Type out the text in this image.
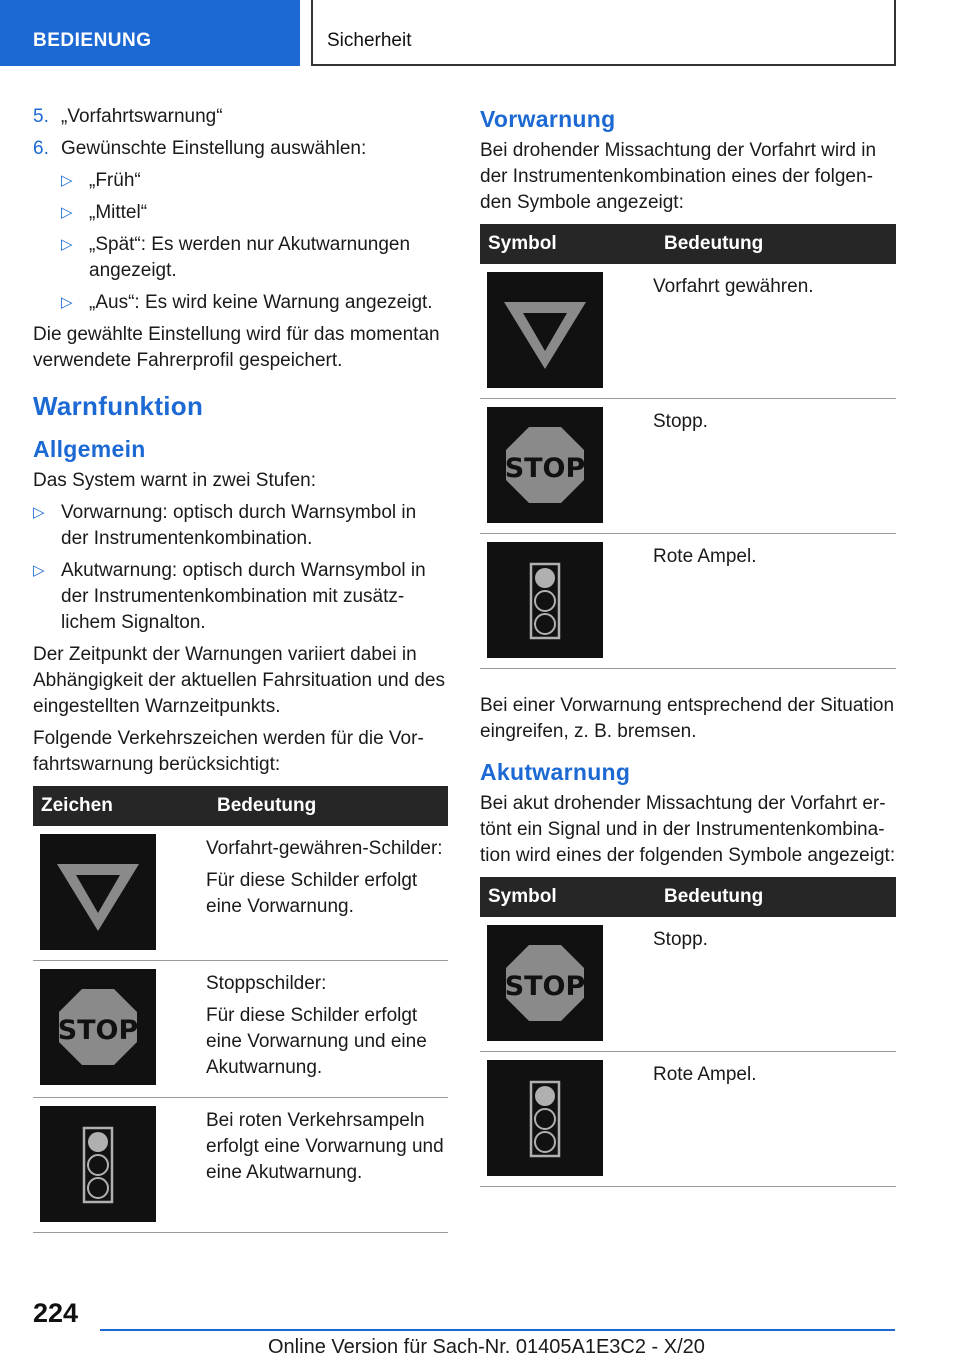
BEDIENUNG	Sicherheit
5. „Vorfahrtswarnung“
6. Gewünschte Einstellung auswählen:
▷ „Früh“
▷ „Mittel“
▷ „Spät“: Es werden nur Akutwarnungen angezeigt.
▷ „Aus“: Es wird keine Warnung angezeigt.

Die gewählte Einstellung wird für das momentan verwendete Fahrerprofil gespeichert.

Warnfunktion
Allgemein

Das System warnt in zwei Stufen:

▷ Vorwarnung: optisch durch Warnsymbol in der Instrumentenkombination.
▷ Akutwarnung: optisch durch Warnsymbol in der Instrumentenkombination mit zusätzlichem Signalton.

Der Zeitpunkt der Warnungen variiert dabei in Abhängigkeit der aktuellen Fahrsituation und des eingestellten Warnzeitpunkts.

Folgende Verkehrszeichen werden für die Vorfahrtswarnung berücksichtigt:

Zeichen	Bedeutung

Vorfahrt-gewähren-Schilder:

Für diese Schilder erfolgt eine Vorwarnung.

STOP	Stoppschilder:

Für diese Schilder erfolgt eine Vorwarnung und eine Akutwarnung.

Bei roten Verkehrsampeln erfolgt eine Vorwarnung und eine Akutwarnung.

Vorwarnung

Bei drohender Missachtung der Vorfahrt wird in der Instrumentenkombination eines der folgenden Symbole angezeigt:

Symbol	Bedeutung

Vorfahrt gewähren.

STOP	Stopp.

Rote Ampel.

Bei einer Vorwarnung entsprechend der Situation eingreifen, z. B. bremsen.

Akutwarnung

Bei akut drohender Missachtung der Vorfahrt ertönt ein Signal und in der Instrumentenkombination wird eines der folgenden Symbole angezeigt:

Symbol	Bedeutung

STOP	Stopp.

Rote Ampel.

224
Online Version für Sach-Nr. 01405A1E3C2 - X/20
